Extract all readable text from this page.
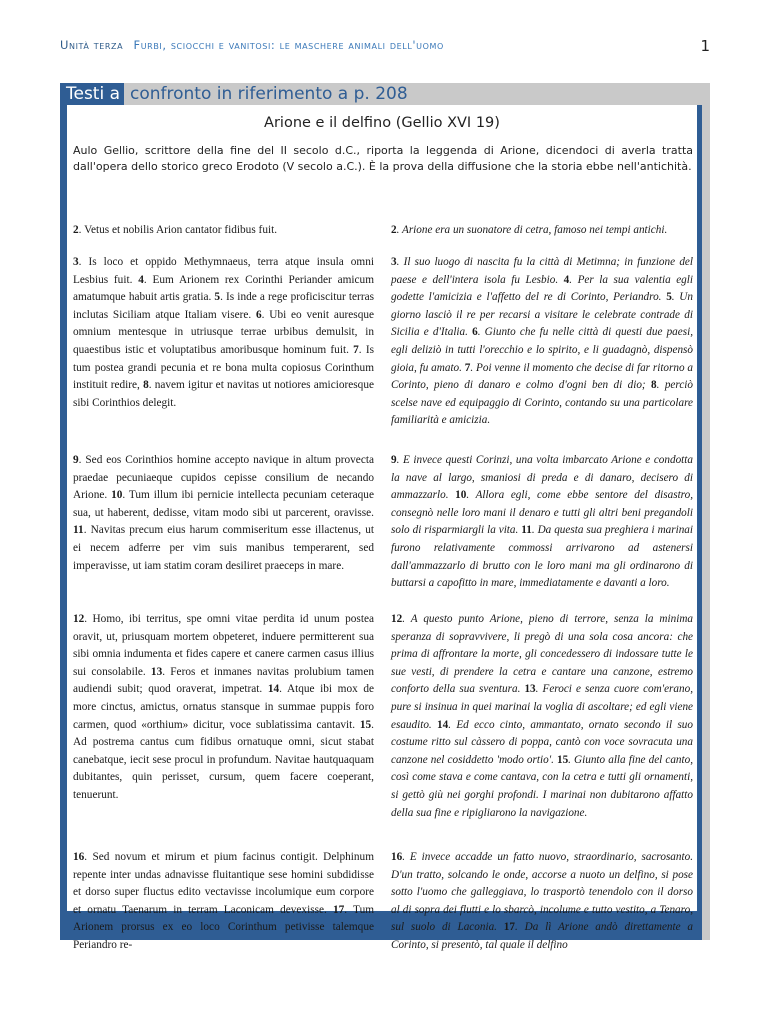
Unità terza Furbi, sciocchi e vanitosi: le maschere animali dell'uomo	1
Testi a confronto in riferimento a p. 208
Arione e il delfino (Gellio XVI 19)
Aulo Gellio, scrittore della fine del II secolo d.C., riporta la leggenda di Arione, dicendoci di averla tratta dall'opera dello storico greco Erodoto (V secolo a.C.). È la prova della diffusione che la storia ebbe nell'antichità.
2. Vetus et nobilis Arion cantator fidibus fuit.
3. Is loco et oppido Methymnaeus, terra atque insula omni Lesbius fuit. 4. Eum Arionem rex Corinthi Periander amicum amatumque habuit artis gratia. 5. Is inde a rege proficiscitur terras inclutas Siciliam atque Italiam visere. 6. Ubi eo venit auresque omnium mentesque in utriusque terrae urbibus demulsit, in quaestibus istic et voluptatibus amoribusque hominum fuit. 7. Is tum postea grandi pecunia et re bona multa copiosus Corinthum instituit redire, 8. navem igitur et navitas ut notiores amicioresque sibi Corinthios delegit.
9. Sed eos Corinthios homine accepto navique in altum provecta praedae pecuniaeque cupidos cepisse consilium de necando Arione. 10. Tum illum ibi pernicie intellecta pecuniam ceteraque sua, ut haberent, dedisse, vitam modo sibi ut parcerent, oravisse. 11. Navitas precum eius harum commiseritum esse illactenus, ut ei necem adferre per vim suis manibus temperarent, sed imperavisse, ut iam statim coram desiliret praeceps in mare.
12. Homo, ibi territus, spe omni vitae perdita id unum postea oravit, ut, priusquam mortem obpeteret, induere permitterent sua sibi omnia indumenta et fides capere et canere carmen casus illius sui consolabile. 13. Feros et inmanes navitas prolubium tamen audiendi subit; quod oraverat, impetrat. 14. Atque ibi mox de more cinctus, amictus, ornatus stansque in summae puppis foro carmen, quod «orthium» dicitur, voce sublatissima cantavit. 15. Ad postrema cantus cum fidibus ornatuque omni, sicut stabat canebatque, iecit sese procul in profundum. Navitae hautquaquam dubitantes, quin perisset, cursum, quem facere coeperant, tenuerunt.
16. Sed novum et mirum et pium facinus contigit. Delphinum repente inter undas adnavisse fluitantique sese homini subdidisse et dorso super fluctus edito vectavisse incolumique eum corpore et ornatu Taenarum in terram Laconicam devexisse. 17. Tum Arionem prorsus ex eo loco Corinthum petivisse talemque Periandro re-
2. Arione era un suonatore di cetra, famoso nei tempi antichi.
3. Il suo luogo di nascita fu la città di Metimna; in funzione del paese e dell'intera isola fu Lesbio. 4. Per la sua valentia egli godette l'amicizia e l'affetto del re di Corinto, Periandro. 5. Un giorno lasciò il re per recarsi a visitare le celebrate contrade di Sicilia e d'Italia. 6. Giunto che fu nelle città di questi due paesi, egli deliziò in tutti l'orecchio e lo spirito, e li guadagnò, dispensò gioia, fu amato. 7. Poi venne il momento che decise di far ritorno a Corinto, pieno di danaro e colmo d'ogni ben di dio; 8. perciò scelse nave ed equipaggio di Corinto, contando su una particolare familiarità e amicizia.
9. E invece questi Corinzi, una volta imbarcato Arione e condotta la nave al largo, smaniosi di preda e di danaro, decisero di ammazzarlo. 10. Allora egli, come ebbe sentore del disastro, consegnò nelle loro mani il denaro e tutti gli altri beni pregandoli solo di risparmiargli la vita. 11. Da questa sua preghiera i marinai furono relativamente commossi arrivarono ad astenersi dall'ammazzarlo di brutto con le loro mani ma gli ordinarono di buttarsi a capofitto in mare, immediatamente e davanti a loro.
12. A questo punto Arione, pieno di terrore, senza la minima speranza di sopravvivere, li pregò di una sola cosa ancora: che prima di affrontare la morte, gli concedessero di indossare tutte le sue vesti, di prendere la cetra e cantare una canzone, estremo conforto della sua sventura. 13. Feroci e senza cuore com'erano, pure si insinua in quei marinai la voglia di ascoltare; ed egli viene esaudito. 14. Ed ecco cinto, ammantato, ornato secondo il suo costume ritto sul càssero di poppa, cantò con voce sovracuta una canzone nel cosiddetto 'modo ortio'. 15. Giunto alla fine del canto, così come stava e come cantava, con la cetra e tutti gli ornamenti, si gettò giù nei gorghi profondi. I marinai non dubitarono affatto della sua fine e ripigliarono la navigazione.
16. E invece accadde un fatto nuovo, straordinario, sacrosanto. D'un tratto, solcando le onde, accorse a nuoto un delfino, si pose sotto l'uomo che galleggiava, lo trasportò tenendolo con il dorso al di sopra dei flutti e lo sbarcò, incolume e tutto vestito, a Tenaro, sul suolo di Laconia. 17. Da lì Arione andò direttamente a Corinto, si presentò, tal quale il delfino
